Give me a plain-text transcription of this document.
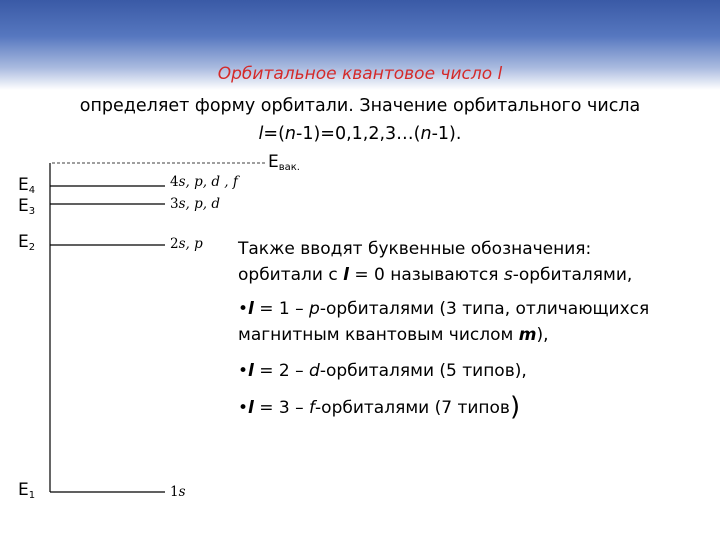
Орбитальное квантовое число l
определяет форму орбитали. Значение орбитального числа
l=(n-1)=0,1,2,3…(n-1).
$E_{вак.}$
$E_4$
$E_3$
$E_2$
$E_1$
4s, p, d , f
3s, p, d
2s, p
1s

Также вводят буквенные обозначения:

орбитали с l = 0 называются s-орбиталями,

•l = 1 – p-орбиталями (3 типа, отличающихся

магнитным квантовым числом m),

•l = 2 – d-орбиталями (5 типов),

•l = 3 – f-орбиталями (7 типов)
